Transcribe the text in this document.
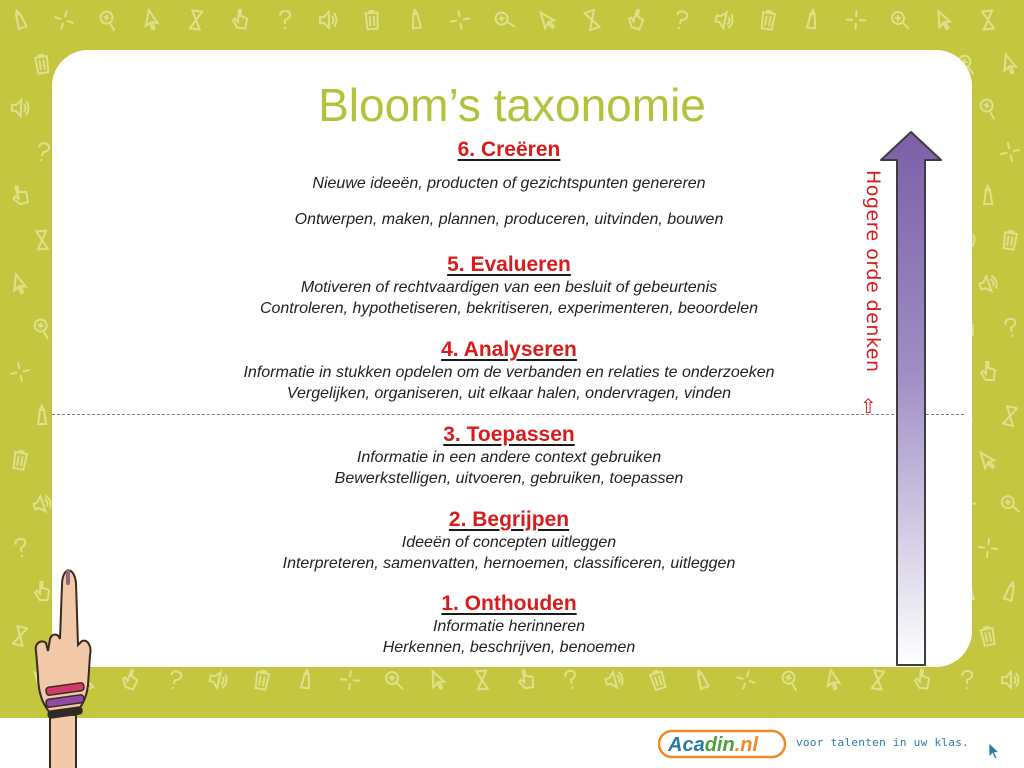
Bloom’s taxonomie
6. Creëren
Nieuwe ideeën, producten of gezichtspunten genereren
Ontwerpen, maken, plannen, produceren, uitvinden, bouwen
5. Evalueren
Motiveren of rechtvaardigen van een besluit of gebeurtenis
Controleren, hypothetiseren, bekritiseren, experimenteren, beoordelen
4. Analyseren
Informatie in stukken opdelen om de verbanden en relaties te onderzoeken
Vergelijken, organiseren, uit elkaar halen, ondervragen, vinden
3. Toepassen
Informatie in een andere context gebruiken
Bewerkstelligen, uitvoeren, gebruiken, toepassen
2. Begrijpen
Ideeën of concepten uitleggen
Interpreteren, samenvatten, hernoemen, classificeren, uitleggen
1. Onthouden
Informatie herinneren
Herkennen, beschrijven, benoemen
Hogere orde denken
⇧
Acadin.nl	voor talenten in uw klas.
